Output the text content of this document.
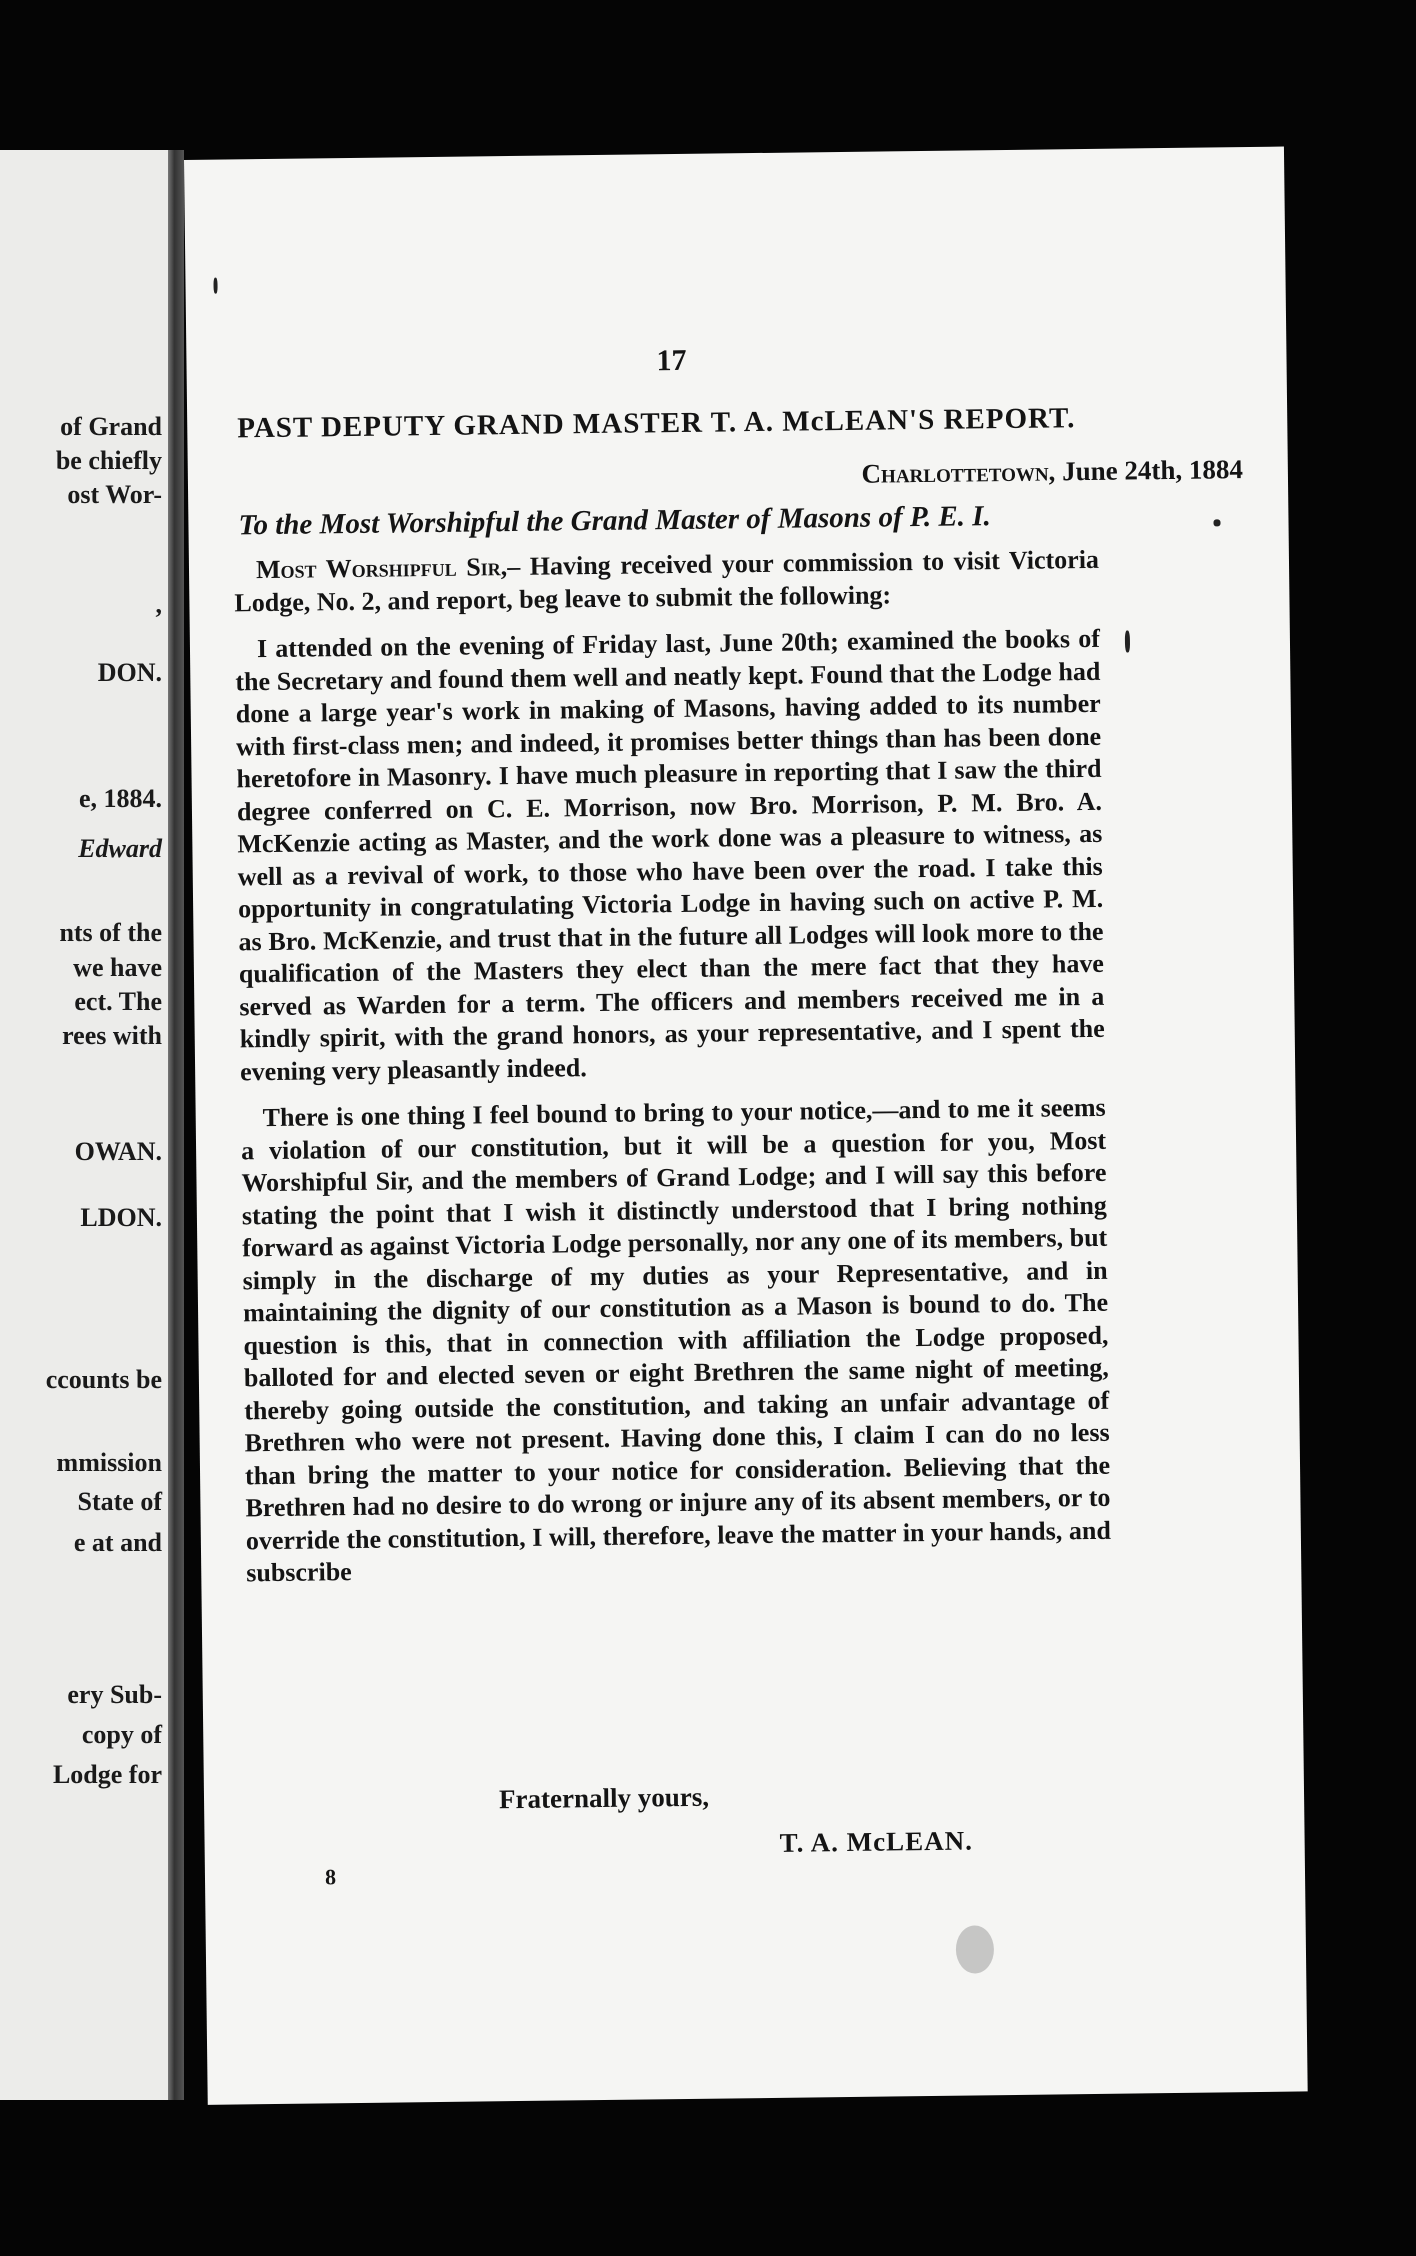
of Grand
be chiefly
ost Wor-
,
DON.
e, 1884.
Edward
nts of the
we have
ect. The
rees with
OWAN.
LDON.
ccounts be
mmission
State of
e at and
ery Sub-
copy of
Lodge for
17
PAST DEPUTY GRAND MASTER T. A. McLEAN'S REPORT.
Charlottetown, June 24th, 1884
To the Most Worshipful the Grand Master of Masons of P. E. I.

Most Worshipful Sir,– Having received your commission to visit Victoria Lodge, No. 2, and report, beg leave to submit the following:

I attended on the evening of Friday last, June 20th; examined the books of the Secretary and found them well and neatly kept. Found that the Lodge had done a large year's work in making of Masons, having added to its number with first-class men; and indeed, it promises better things than has been done heretofore in Masonry. I have much pleasure in reporting that I saw the third degree conferred on C. E. Morrison, now Bro. Morrison, P. M. Bro. A. McKenzie acting as Master, and the work done was a pleasure to witness, as well as a revival of work, to those who have been over the road. I take this opportunity in congratulating Victoria Lodge in having such on active P. M. as Bro. McKenzie, and trust that in the future all Lodges will look more to the qualification of the Masters they elect than the mere fact that they have served as Warden for a term. The officers and members received me in a kindly spirit, with the grand honors, as your representative, and I spent the evening very pleasantly indeed.

There is one thing I feel bound to bring to your notice,—and to me it seems a violation of our constitution, but it will be a question for you, Most Worshipful Sir, and the members of Grand Lodge; and I will say this before stating the point that I wish it distinctly understood that I bring nothing forward as against Victoria Lodge personally, nor any one of its members, but simply in the discharge of my duties as your Representative, and in maintaining the dignity of our constitution as a Mason is bound to do. The question is this, that in connection with affiliation the Lodge proposed, balloted for and elected seven or eight Brethren the same night of meeting, thereby going outside the constitution, and taking an unfair advantage of Brethren who were not present. Having done this, I claim I can do no less than bring the matter to your notice for consideration. Believing that the Brethren had no desire to do wrong or injure any of its absent members, or to override the constitution, I will, therefore, leave the matter in your hands, and subscribe

Fraternally yours,
T. A. McLEAN.
8
